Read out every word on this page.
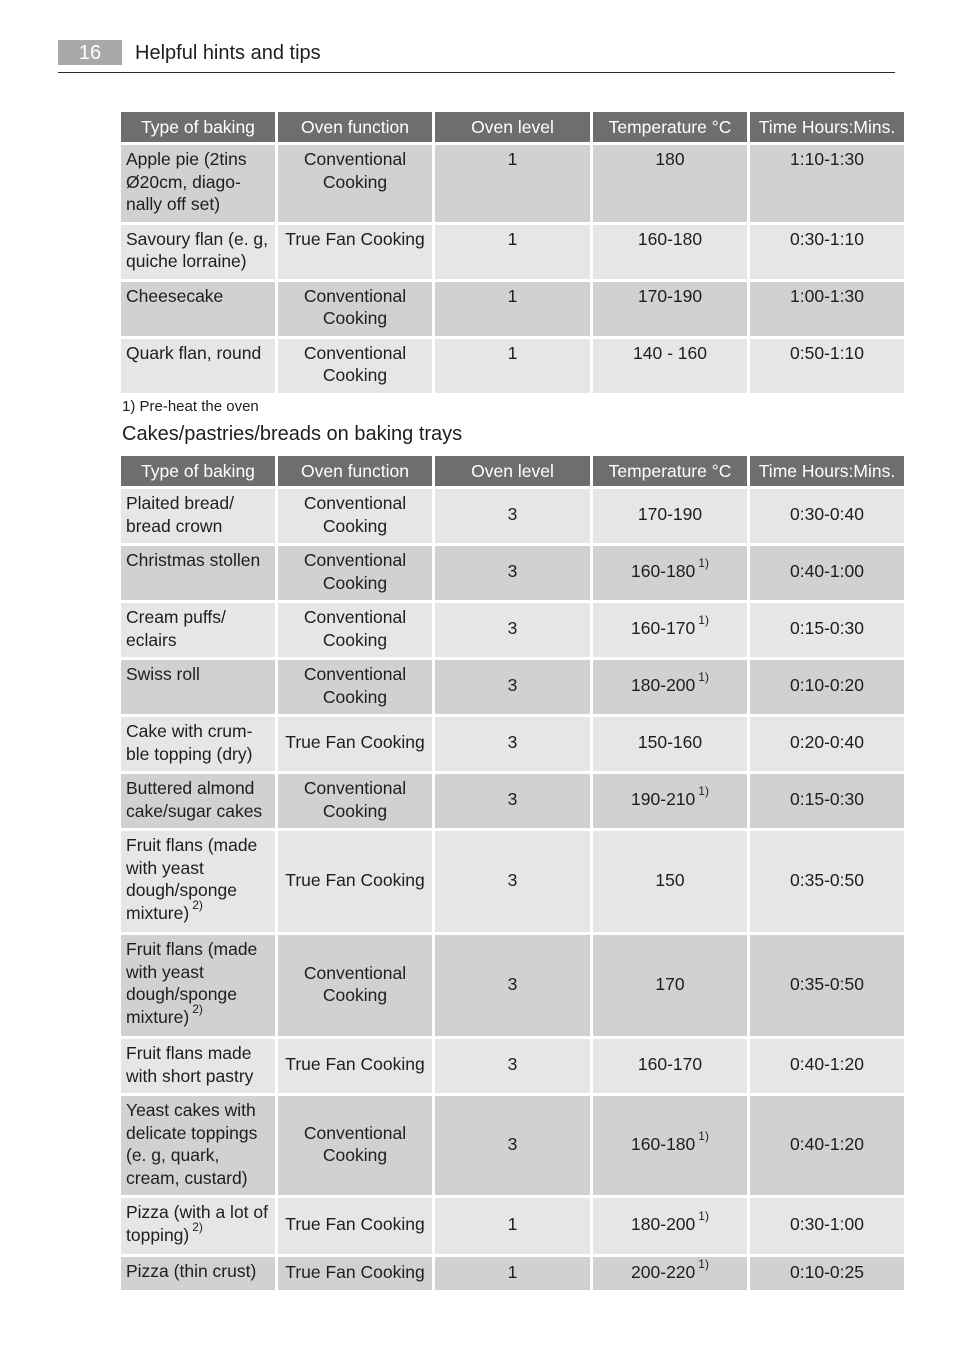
16	Helpful hints and tips
Type of baking	Oven function	Oven level	Temperature °C	Time Hours:Mins.
Apple pie (2tins Ø20cm, diago-nally off set)	Conventional Cooking	1	180	1:10-1:30
Savoury flan (e. g, quiche lorraine)	True Fan Cooking	1	160-180	0:30-1:10
Cheesecake	Conventional Cooking	1	170-190	1:00-1:30
Quark flan, round	Conventional Cooking	1	140 - 160	0:50-1:10
1) Pre-heat the oven
Cakes/pastries/breads on baking trays
Type of baking	Oven function	Oven level	Temperature °C	Time Hours:Mins.
Plaited bread/ bread crown	Conventional Cooking	3	170-190	0:30-0:40
Christmas stollen	Conventional Cooking	3	160-180 $^{1)}$	0:40-1:00
Cream puffs/ eclairs	Conventional Cooking	3	160-170 $^{1)}$	0:15-0:30
Swiss roll	Conventional Cooking	3	180-200 $^{1)}$	0:10-0:20
Cake with crum-ble topping (dry)	True Fan Cooking	3	150-160	0:20-0:40
Buttered almond cake/sugar cakes	Conventional Cooking	3	190-210 $^{1)}$	0:15-0:30
Fruit flans (made with yeast dough/sponge mixture) $^{2)}$	True Fan Cooking	3	150	0:35-0:50
Fruit flans (made with yeast dough/sponge mixture) $^{2)}$	Conventional Cooking	3	170	0:35-0:50
Fruit flans made with short pastry	True Fan Cooking	3	160-170	0:40-1:20
Yeast cakes with delicate toppings (e. g, quark, cream, custard)	Conventional Cooking	3	160-180 $^{1)}$	0:40-1:20
Pizza (with a lot of topping) $^{2)}$	True Fan Cooking	1	180-200 $^{1)}$	0:30-1:00
Pizza (thin crust)	True Fan Cooking	1	200-220 $^{1)}$	0:10-0:25
